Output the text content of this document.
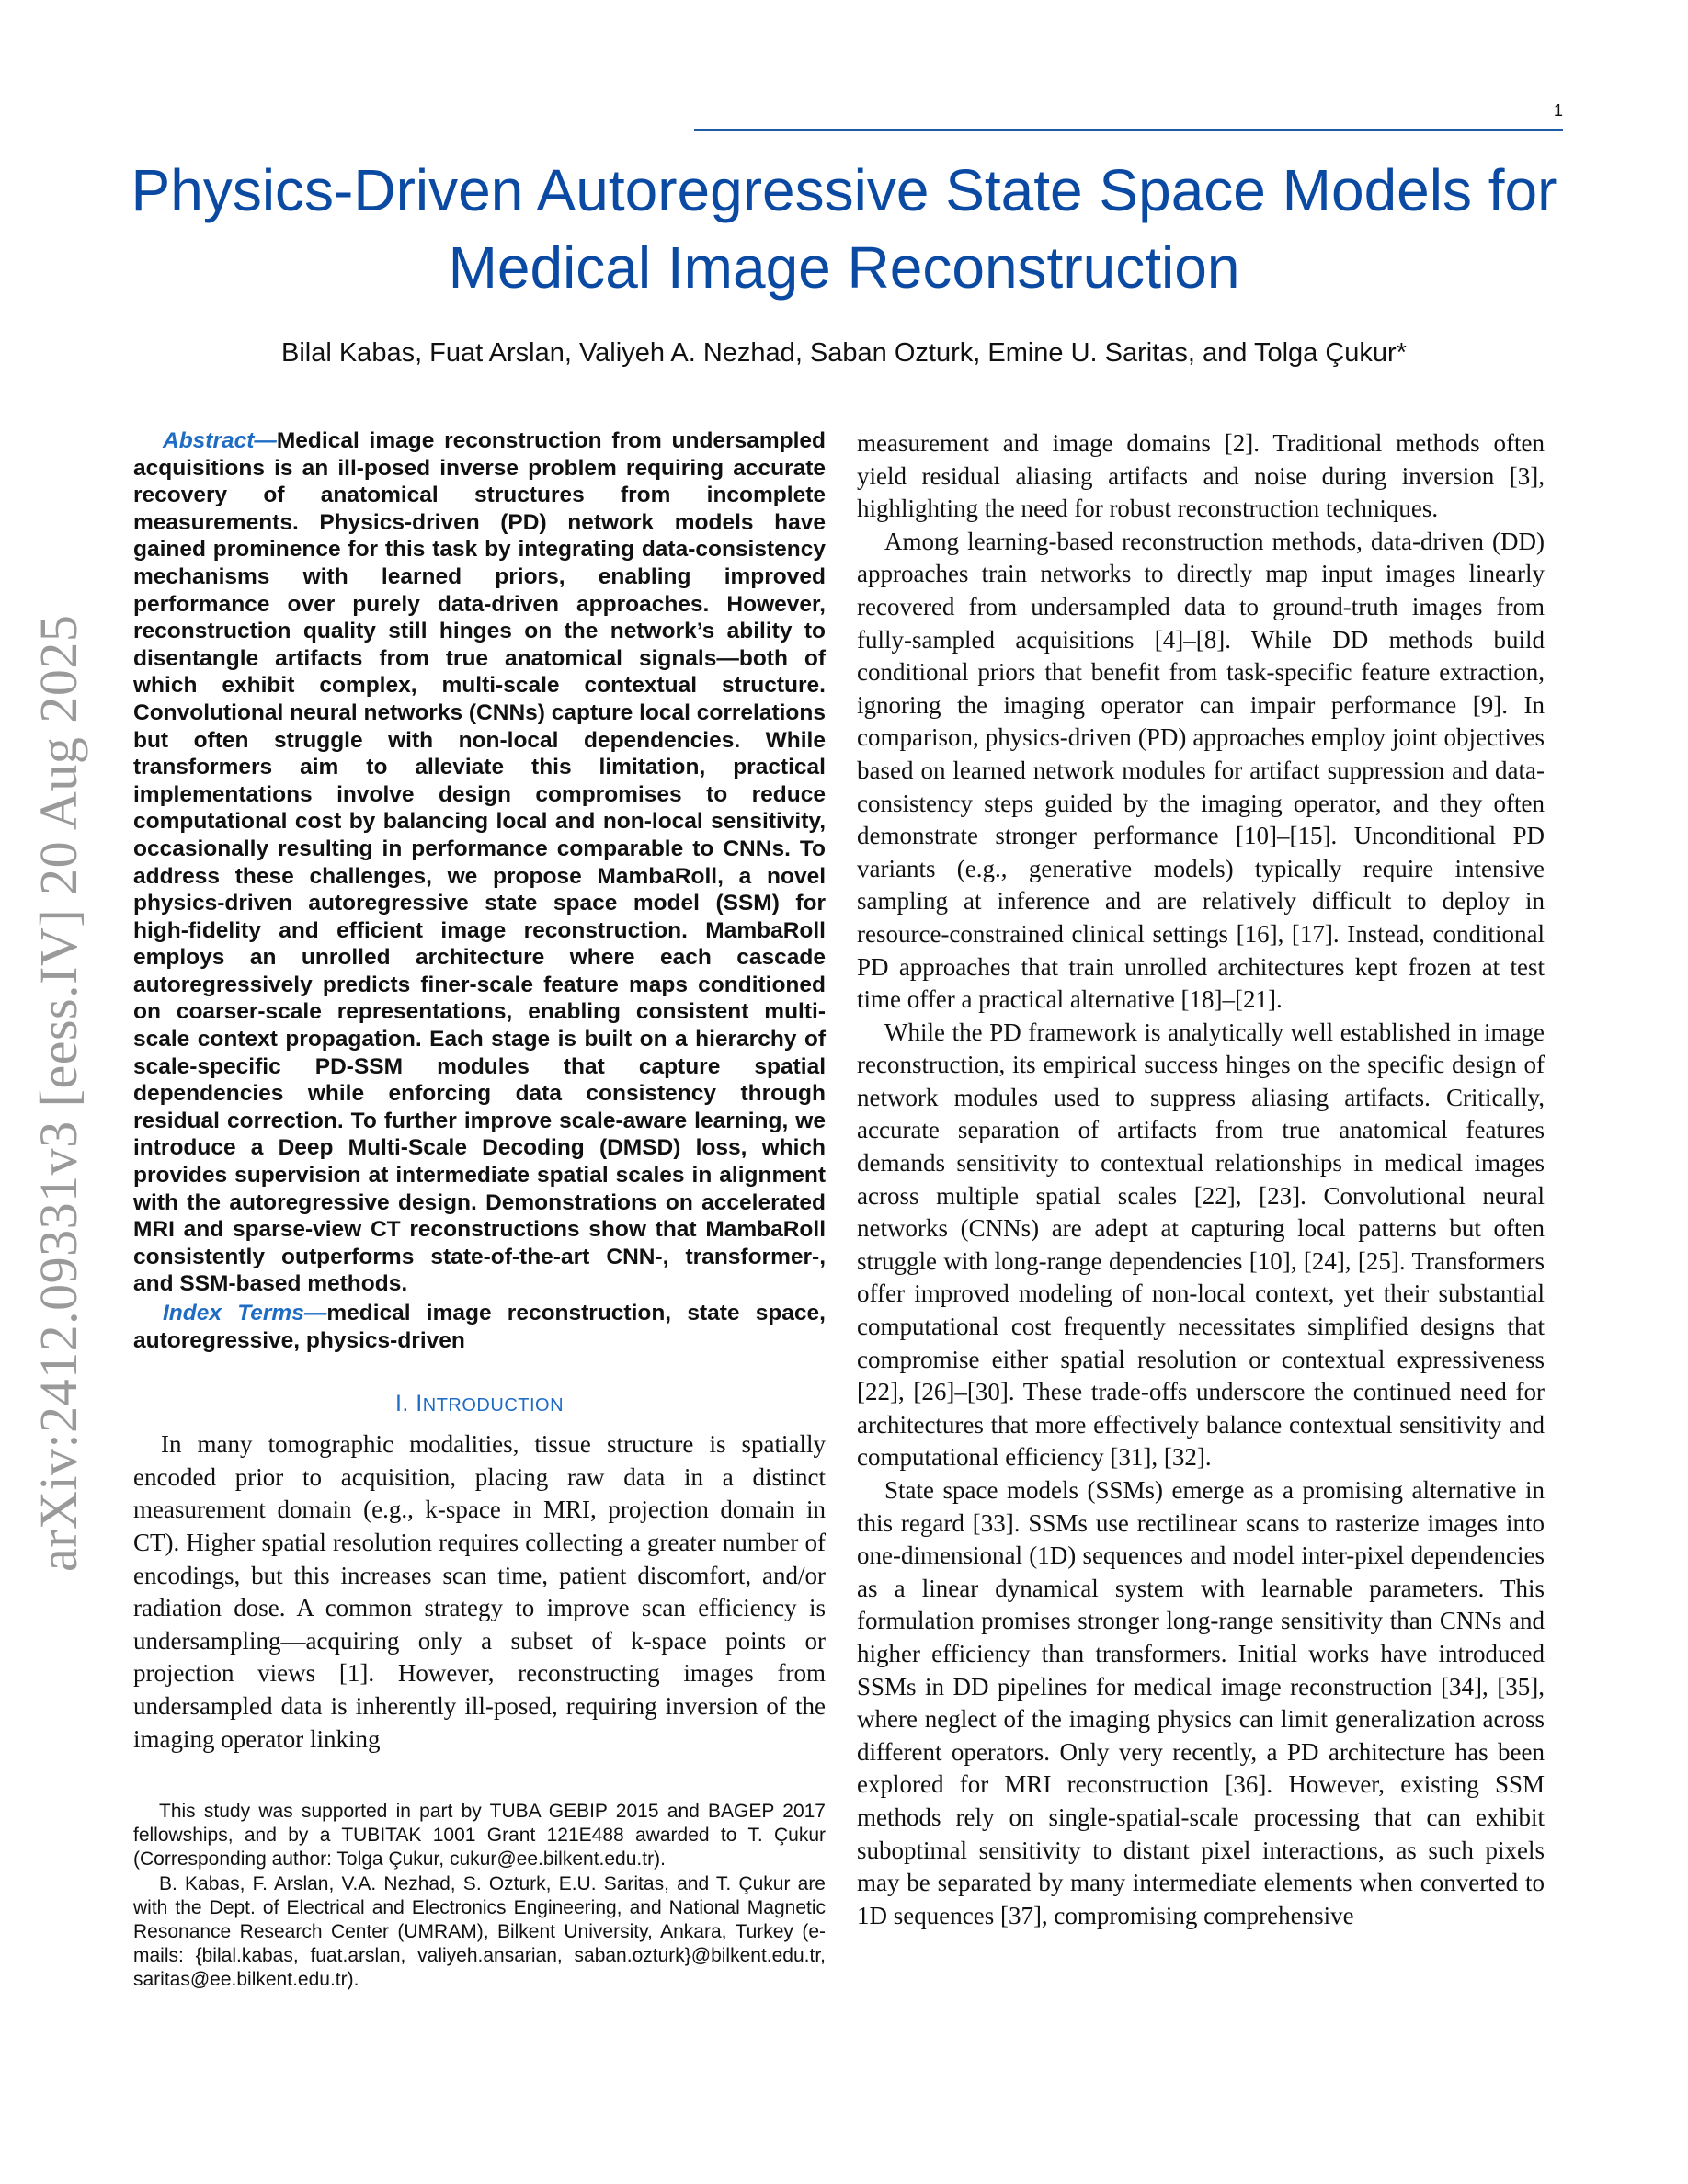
1
arXiv:2412.09331v3 [eess.IV] 20 Aug 2025
Physics-Driven Autoregressive State Space Models for Medical Image Reconstruction
Bilal Kabas, Fuat Arslan, Valiyeh A. Nezhad, Saban Ozturk, Emine U. Saritas, and Tolga Çukur*

Abstract—Medical image reconstruction from undersampled acquisitions is an ill-posed inverse problem requiring accurate recovery of anatomical structures from incomplete measurements. Physics-driven (PD) network models have gained prominence for this task by integrating data-consistency mechanisms with learned priors, enabling improved performance over purely data-driven approaches. However, reconstruction quality still hinges on the network’s ability to disentangle artifacts from true anatomical signals—both of which exhibit complex, multi-scale contextual structure. Convolutional neural networks (CNNs) capture local correlations but often struggle with non-local dependencies. While transformers aim to alleviate this limitation, practical implementations involve design compromises to reduce computational cost by balancing local and non-local sensitivity, occasionally resulting in performance comparable to CNNs. To address these challenges, we propose MambaRoll, a novel physics-driven autoregressive state space model (SSM) for high-fidelity and efficient image reconstruction. MambaRoll employs an unrolled architecture where each cascade autoregressively predicts finer-scale feature maps conditioned on coarser-scale representations, enabling consistent multi-scale context propagation. Each stage is built on a hierarchy of scale-specific PD-SSM modules that capture spatial dependencies while enforcing data consistency through residual correction. To further improve scale-aware learning, we introduce a Deep Multi-Scale Decoding (DMSD) loss, which provides supervision at intermediate spatial scales in alignment with the autoregressive design. Demonstrations on accelerated MRI and sparse-view CT reconstructions show that MambaRoll consistently outperforms state-of-the-art CNN-, transformer-, and SSM-based methods.

Index Terms—medical image reconstruction, state space, autoregressive, physics-driven

I. INTRODUCTION

In many tomographic modalities, tissue structure is spatially encoded prior to acquisition, placing raw data in a distinct measurement domain (e.g., k-space in MRI, projection domain in CT). Higher spatial resolution requires collecting a greater number of encodings, but this increases scan time, patient discomfort, and/or radiation dose. A common strategy to improve scan efficiency is undersampling—acquiring only a subset of k-space points or projection views [1]. However, reconstructing images from undersampled data is inherently ill-posed, requiring inversion of the imaging operator linking

This study was supported in part by TUBA GEBIP 2015 and BAGEP 2017 fellowships, and by a TUBITAK 1001 Grant 121E488 awarded to T. Çukur (Corresponding author: Tolga Çukur, cukur@ee.bilkent.edu.tr).

B. Kabas, F. Arslan, V.A. Nezhad, S. Ozturk, E.U. Saritas, and T. Çukur are with the Dept. of Electrical and Electronics Engineering, and National Magnetic Resonance Research Center (UMRAM), Bilkent University, Ankara, Turkey (e-mails: {bilal.kabas, fuat.arslan, valiyeh.ansarian, saban.ozturk}@bilkent.edu.tr, saritas@ee.bilkent.edu.tr).

measurement and image domains [2]. Traditional methods often yield residual aliasing artifacts and noise during inversion [3], highlighting the need for robust reconstruction techniques.

Among learning-based reconstruction methods, data-driven (DD) approaches train networks to directly map input images linearly recovered from undersampled data to ground-truth images from fully-sampled acquisitions [4]–[8]. While DD methods build conditional priors that benefit from task-specific feature extraction, ignoring the imaging operator can impair performance [9]. In comparison, physics-driven (PD) approaches employ joint objectives based on learned network modules for artifact suppression and data-consistency steps guided by the imaging operator, and they often demonstrate stronger performance [10]–[15]. Unconditional PD variants (e.g., generative models) typically require intensive sampling at inference and are relatively difficult to deploy in resource-constrained clinical settings [16], [17]. Instead, conditional PD approaches that train unrolled architectures kept frozen at test time offer a practical alternative [18]–[21].

While the PD framework is analytically well established in image reconstruction, its empirical success hinges on the specific design of network modules used to suppress aliasing artifacts. Critically, accurate separation of artifacts from true anatomical features demands sensitivity to contextual relationships in medical images across multiple spatial scales [22], [23]. Convolutional neural networks (CNNs) are adept at capturing local patterns but often struggle with long-range dependencies [10], [24], [25]. Transformers offer improved modeling of non-local context, yet their substantial computational cost frequently necessitates simplified designs that compromise either spatial resolution or contextual expressiveness [22], [26]–[30]. These trade-offs underscore the continued need for architectures that more effectively balance contextual sensitivity and computational efficiency [31], [32].

State space models (SSMs) emerge as a promising alternative in this regard [33]. SSMs use rectilinear scans to rasterize images into one-dimensional (1D) sequences and model inter-pixel dependencies as a linear dynamical system with learnable parameters. This formulation promises stronger long-range sensitivity than CNNs and higher efficiency than transformers. Initial works have introduced SSMs in DD pipelines for medical image reconstruction [34], [35], where neglect of the imaging physics can limit generalization across different operators. Only very recently, a PD architecture has been explored for MRI reconstruction [36]. However, existing SSM methods rely on single-spatial-scale processing that can exhibit suboptimal sensitivity to distant pixel interactions, as such pixels may be separated by many intermediate elements when converted to 1D sequences [37], compromising comprehensive
